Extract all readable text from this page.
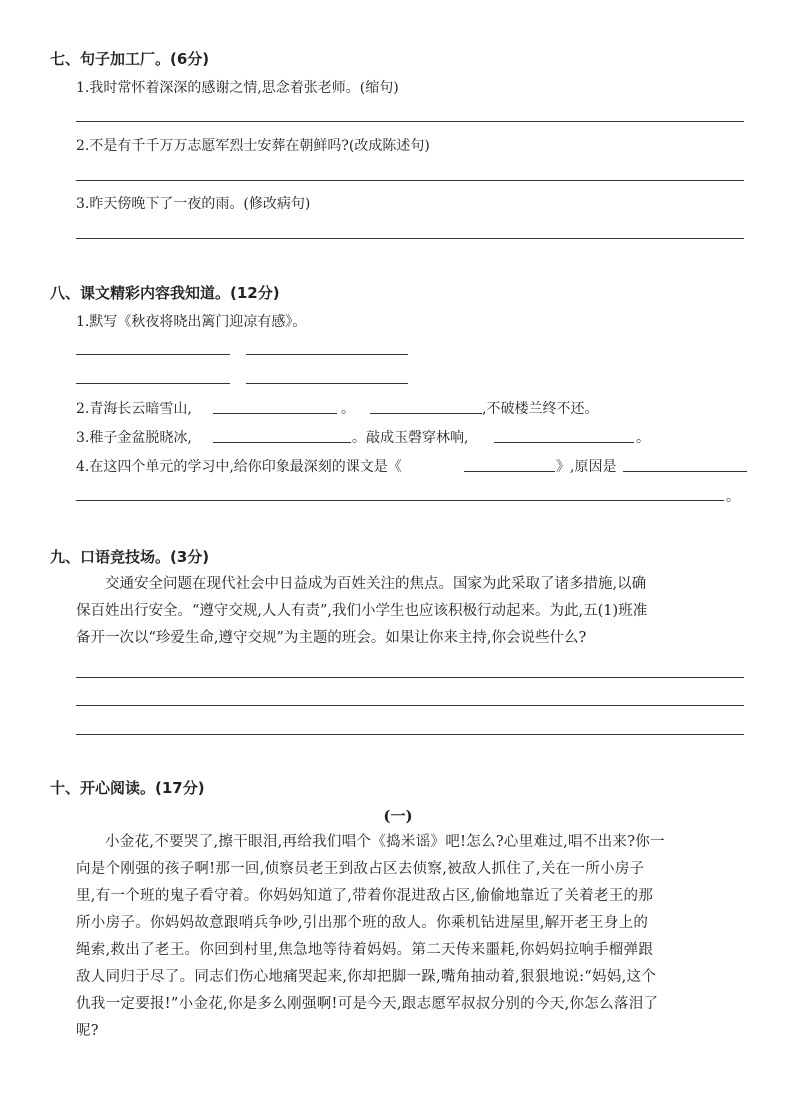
七、句子加工厂。(6分)
1.我时常怀着深深的感谢之情,思念着张老师。(缩句)
2.不是有千千万万志愿军烈士安葬在朝鲜吗?(改成陈述句)
3.昨天傍晚下了一夜的雨。(修改病句)
八、课文精彩内容我知道。(12分)
1.默写《秋夜将晓出篱门迎凉有感》。
2.青海长云暗雪山,	。	,不破楼兰终不还。
3.稚子金盆脱晓冰,	。敲成玉磬穿林响,	。
4.在这四个单元的学习中,给你印象最深刻的课文是《	》,原因是
。
九、口语竞技场。(3分)
交通安全问题在现代社会中日益成为百姓关注的焦点。国家为此采取了诸多措施,以确
保百姓出行安全。“遵守交规,人人有责”,我们小学生也应该积极行动起来。为此,五(1)班准
备开一次以“珍爱生命,遵守交规”为主题的班会。如果让你来主持,你会说些什么?
十、开心阅读。(17分)
(一)
小金花,不要哭了,擦干眼泪,再给我们唱个《捣米谣》吧!怎么?心里难过,唱不出来?你一
向是个刚强的孩子啊!那一回,侦察员老王到敌占区去侦察,被敌人抓住了,关在一所小房子
里,有一个班的鬼子看守着。你妈妈知道了,带着你混进敌占区,偷偷地靠近了关着老王的那
所小房子。你妈妈故意跟哨兵争吵,引出那个班的敌人。你乘机钻进屋里,解开老王身上的
绳索,救出了老王。你回到村里,焦急地等待着妈妈。第二天传来噩耗,你妈妈拉响手榴弹跟
敌人同归于尽了。同志们伤心地痛哭起来,你却把脚一跺,嘴角抽动着,狠狠地说:“妈妈,这个
仇我一定要报!”小金花,你是多么刚强啊!可是今天,跟志愿军叔叔分别的今天,你怎么落泪了
呢?
